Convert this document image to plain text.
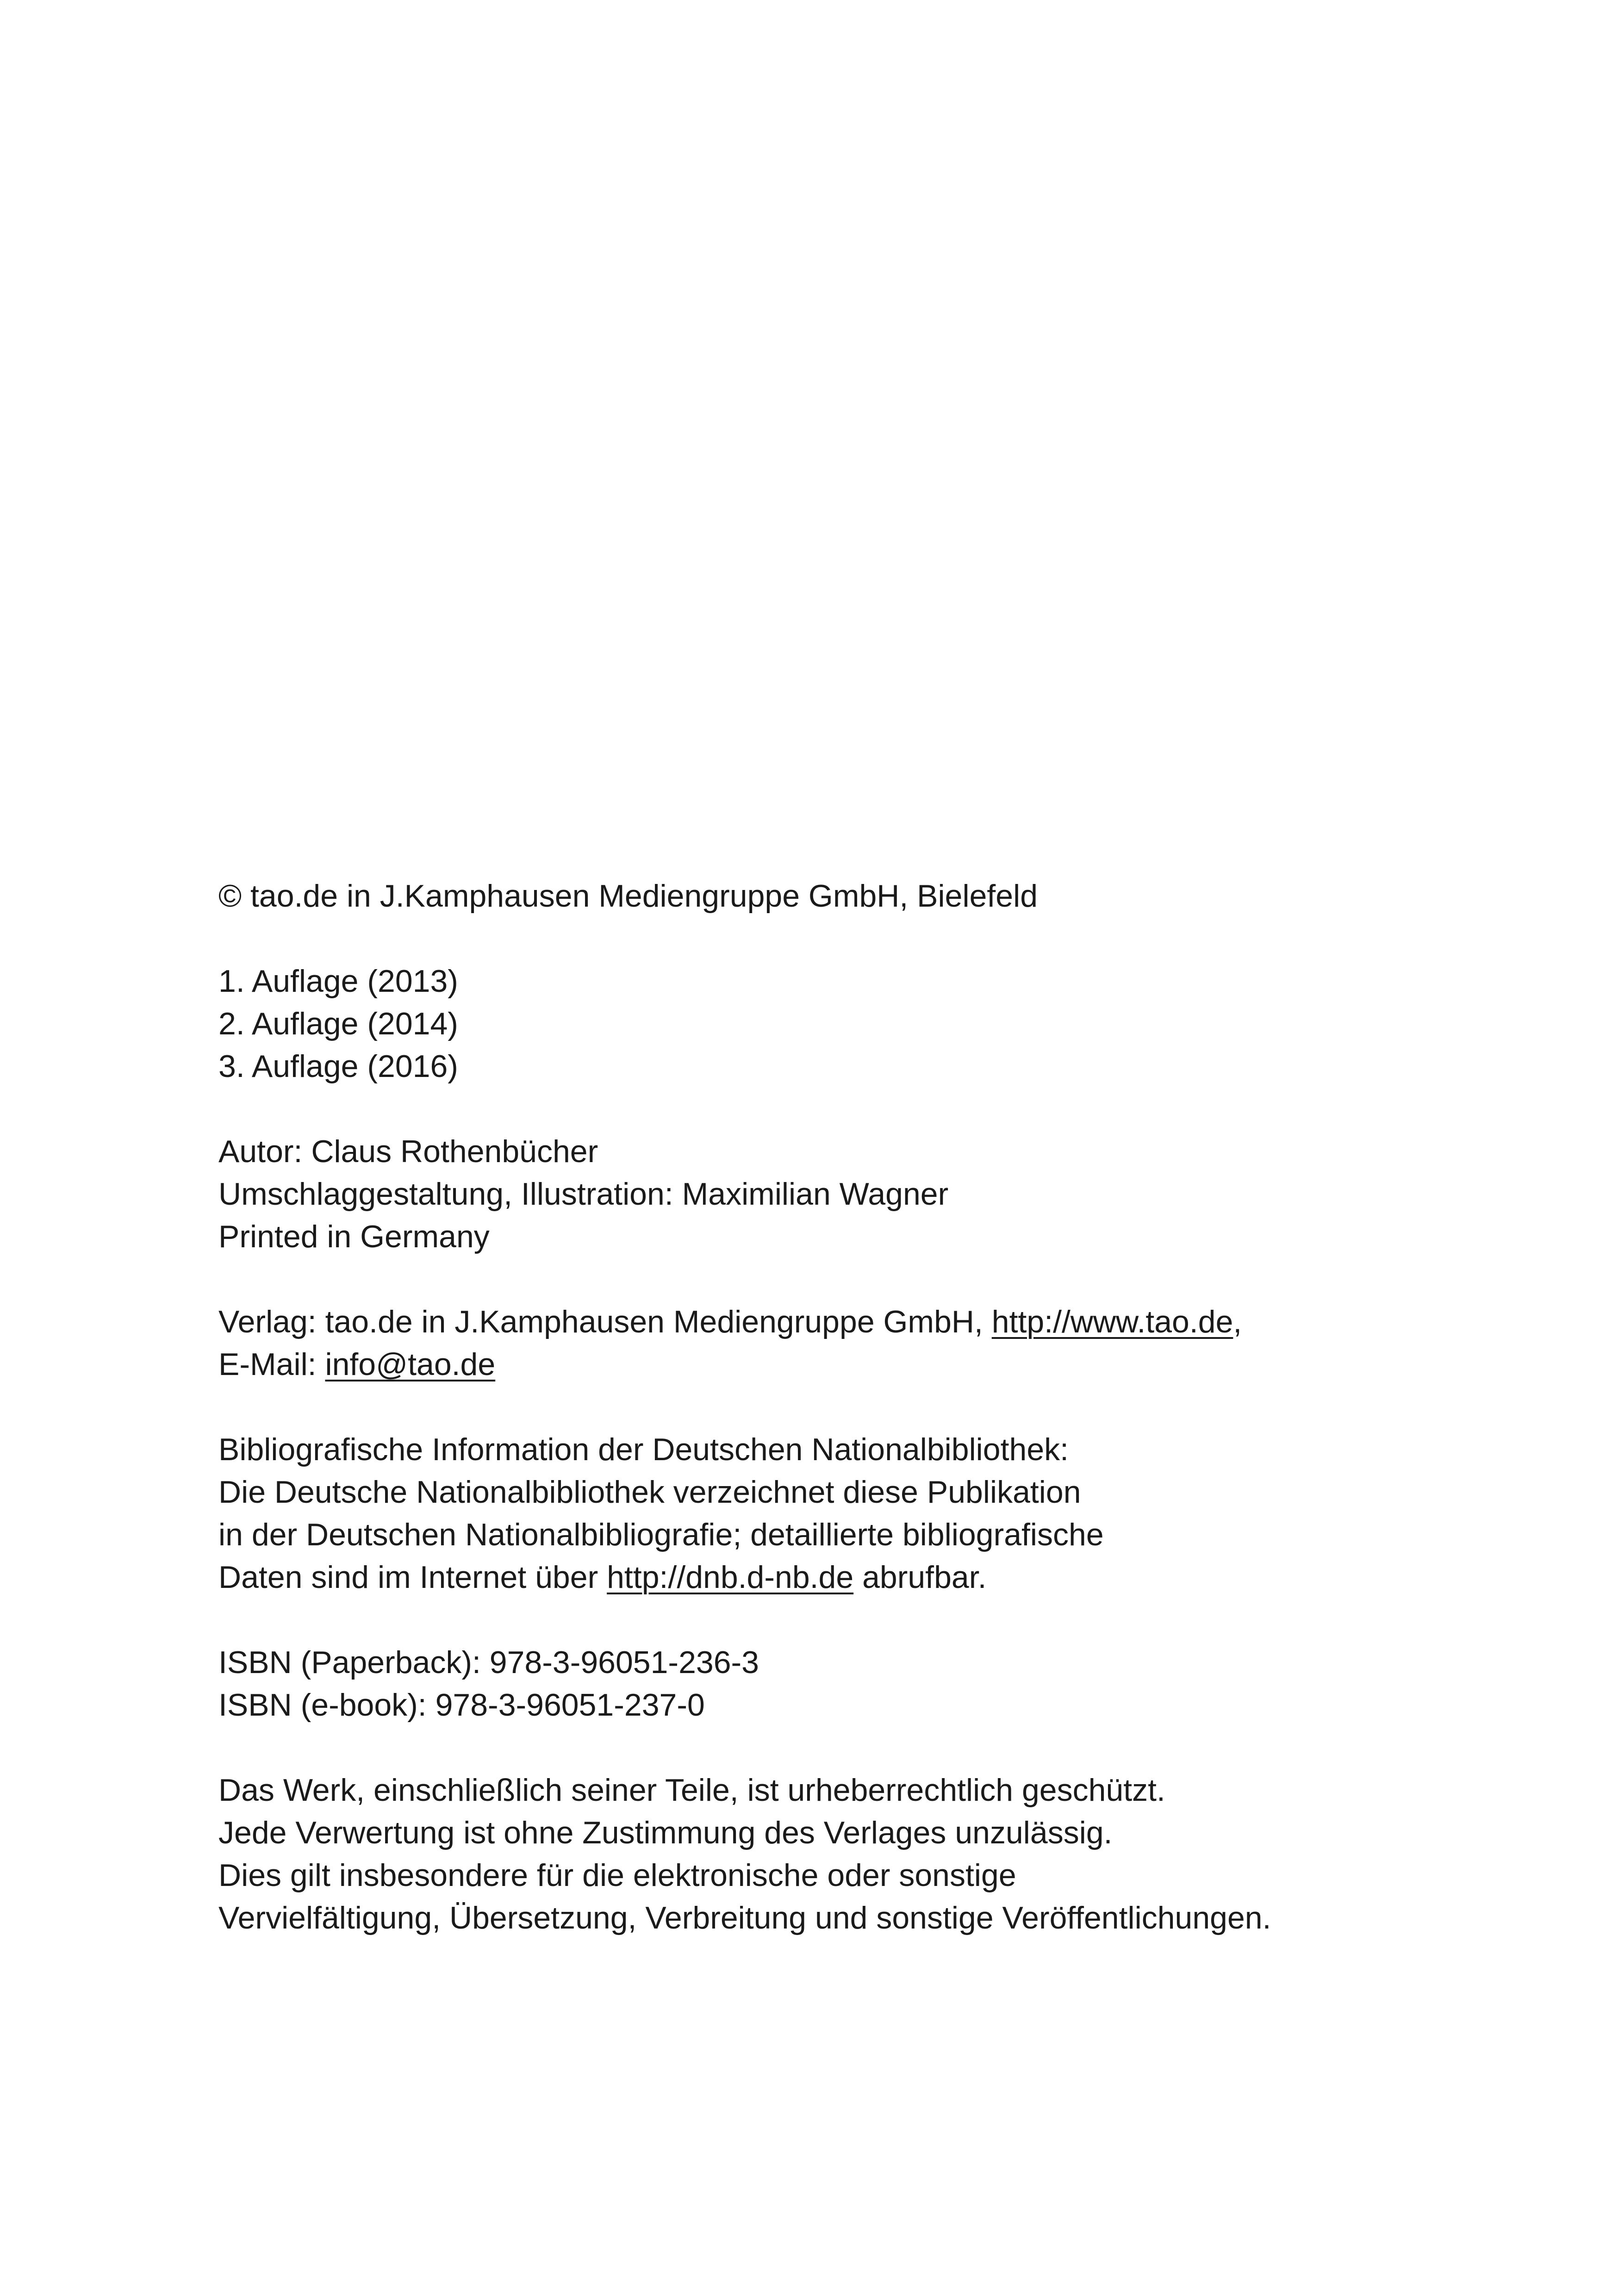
© tao.de in J.Kamphausen Mediengruppe GmbH, Bielefeld
1. Auflage (2013)
2. Auflage (2014)
3. Auflage (2016)
Autor: Claus Rothenbücher
Umschlaggestaltung, Illustration: Maximilian Wagner
Printed in Germany
Verlag: tao.de in J.Kamphausen Mediengruppe GmbH, http://www.tao.de,
E-Mail: info@tao.de
Bibliografische Information der Deutschen Nationalbibliothek:
Die Deutsche Nationalbibliothek verzeichnet diese Publikation
in der Deutschen Nationalbibliografie; detaillierte bibliografische
Daten sind im Internet über http://dnb.d-nb.de abrufbar.
ISBN (Paperback): 978-3-96051-236-3
ISBN (e-book): 978-3-96051-237-0
Das Werk, einschließlich seiner Teile, ist urheberrechtlich geschützt.
Jede Verwertung ist ohne Zustimmung des Verlages unzulässig.
Dies gilt insbesondere für die elektronische oder sonstige
Vervielfältigung, Übersetzung, Verbreitung und sonstige Veröffentlichungen.
